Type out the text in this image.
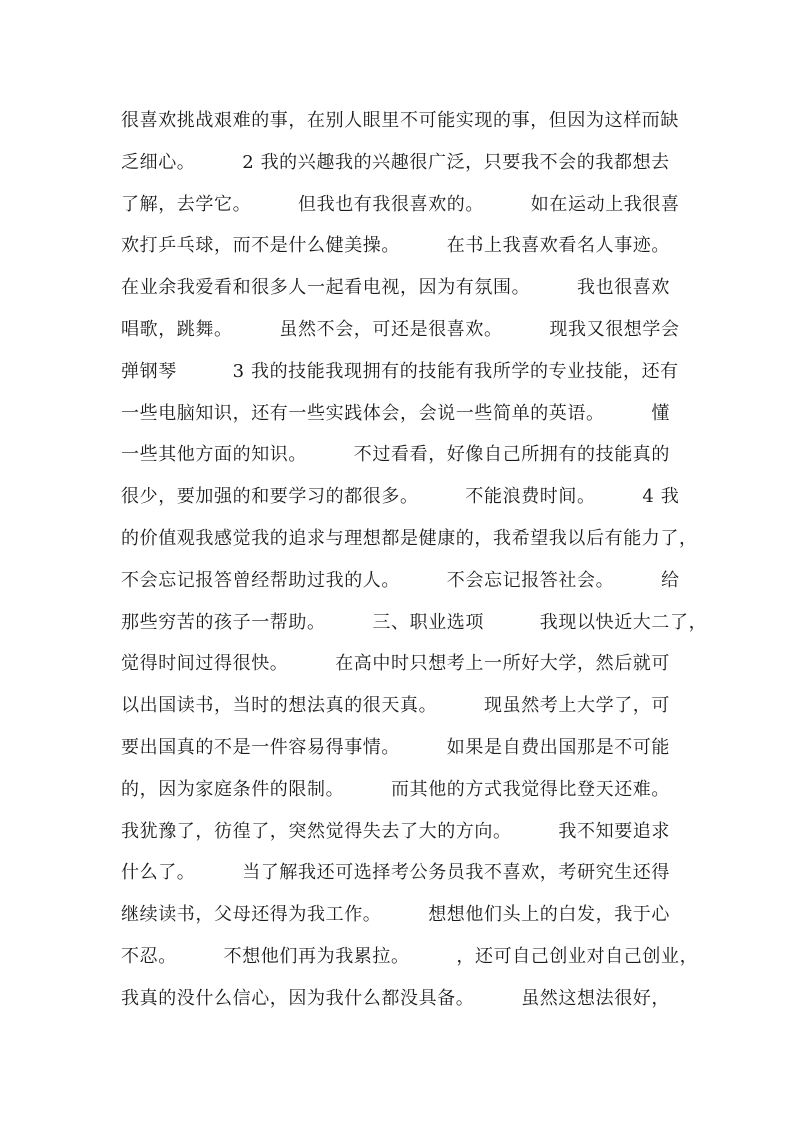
很喜欢挑战艰难的事，在别人眼里不可能实现的事，但因为这样而缺
乏细心。　　　2 我的兴趣我的兴趣很广泛，只要我不会的我都想去
了解，去学它。　　　但我也有我很喜欢的。　　　如在运动上我很喜
欢打乒乓球，而不是什么健美操。　　　在书上我喜欢看名人事迹。
在业余我爱看和很多人一起看电视，因为有氛围。　　　我也很喜欢
唱歌，跳舞。　　　虽然不会，可还是很喜欢。　　　现我又很想学会
弹钢琴　　　3 我的技能我现拥有的技能有我所学的专业技能，还有
一些电脑知识，还有一些实践体会，会说一些简单的英语。　　　懂
一些其他方面的知识。　　　不过看看，好像自己所拥有的技能真的
很少，要加强的和要学习的都很多。　　　不能浪费时间。　　　4 我
的价值观我感觉我的追求与理想都是健康的，我希望我以后有能力了，
不会忘记报答曾经帮助过我的人。　　　不会忘记报答社会。　　　给
那些穷苦的孩子一帮助。　　　三、职业选项　　　我现以快近大二了，
觉得时间过得很快。　　　在高中时只想考上一所好大学，然后就可
以出国读书，当时的想法真的很天真。　　　现虽然考上大学了，可
要出国真的不是一件容易得事情。　　　如果是自费出国那是不可能
的，因为家庭条件的限制。　　　而其他的方式我觉得比登天还难。
我犹豫了，彷徨了，突然觉得失去了大的方向。　　　我不知要追求
什么了。　　　当了解我还可选择考公务员我不喜欢，考研究生还得
继续读书，父母还得为我工作。　　　想想他们头上的白发，我于心
不忍。　　　不想他们再为我累拉。　　　，还可自己创业对自己创业，
我真的没什么信心，因为我什么都没具备。　　　虽然这想法很好，
